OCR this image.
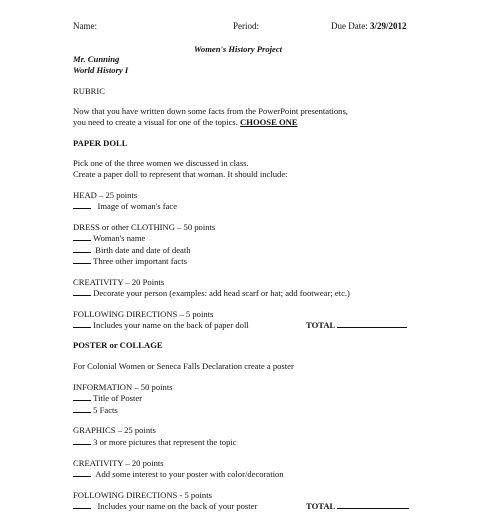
Name:	Period:	Due Date: 3/29/2012
Women's History Project
Mr. Cunning
World History I
RUBRIC
Now that you have written down some facts from the PowerPoint presentations,
you need to create a visual for one of the topics. CHOOSE ONE
PAPER DOLL
Pick one of the three women we discussed in class.
Create a paper doll to represent that woman. It should include:
HEAD – 25 points
Image of woman's face
DRESS or other CLOTHING – 50 points
Woman's name
Birth date and date of death
Three other important facts
CREATIVITY – 20 Points
Decorate your person (examples: add head scarf or hat; add footwear; etc.)
FOLLOWING DIRECTIONS – 5 points
Includes your name on the back of paper doll	TOTAL
POSTER or COLLAGE
For Colonial Women or Seneca Falls Declaration create a poster
INFORMATION – 50 points
Title of Poster
5 Facts
GRAPHICS – 25 points
3 or more pictures that represent the topic
CREATIVITY – 20 points
Add some interest to your poster with color/decoration
FOLLOWING DIRECTIONS - 5 points
Includes your name on the back of your poster	TOTAL
